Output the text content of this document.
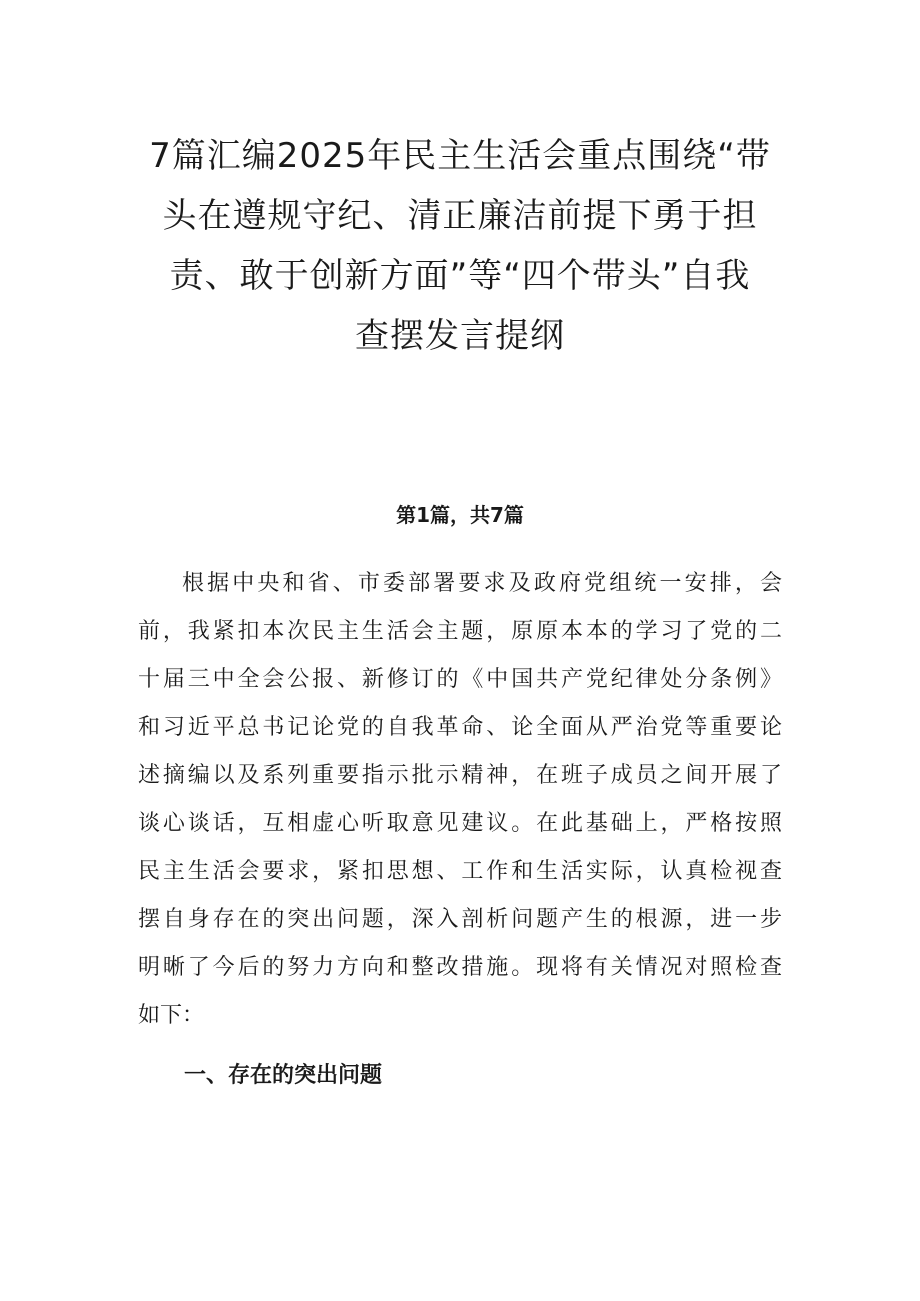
7篇汇编2025年民主生活会重点围绕“带
头在遵规守纪、清正廉洁前提下勇于担
责、敢于创新方面”等“四个带头”自我
查摆发言提纲

第1篇，共7篇

根据中央和省、市委部署要求及政府党组统一安排，会
前，我紧扣本次民主生活会主题，原原本本的学习了党的二
十届三中全会公报、新修订的《中国共产党纪律处分条例》
和习近平总书记论党的自我革命、论全面从严治党等重要论
述摘编以及系列重要指示批示精神，在班子成员之间开展了
谈心谈话，互相虚心听取意见建议。在此基础上，严格按照
民主生活会要求，紧扣思想、工作和生活实际，认真检视查
摆自身存在的突出问题，深入剖析问题产生的根源，进一步
明晰了今后的努力方向和整改措施。现将有关情况对照检查
如下：
一、存在的突出问题
